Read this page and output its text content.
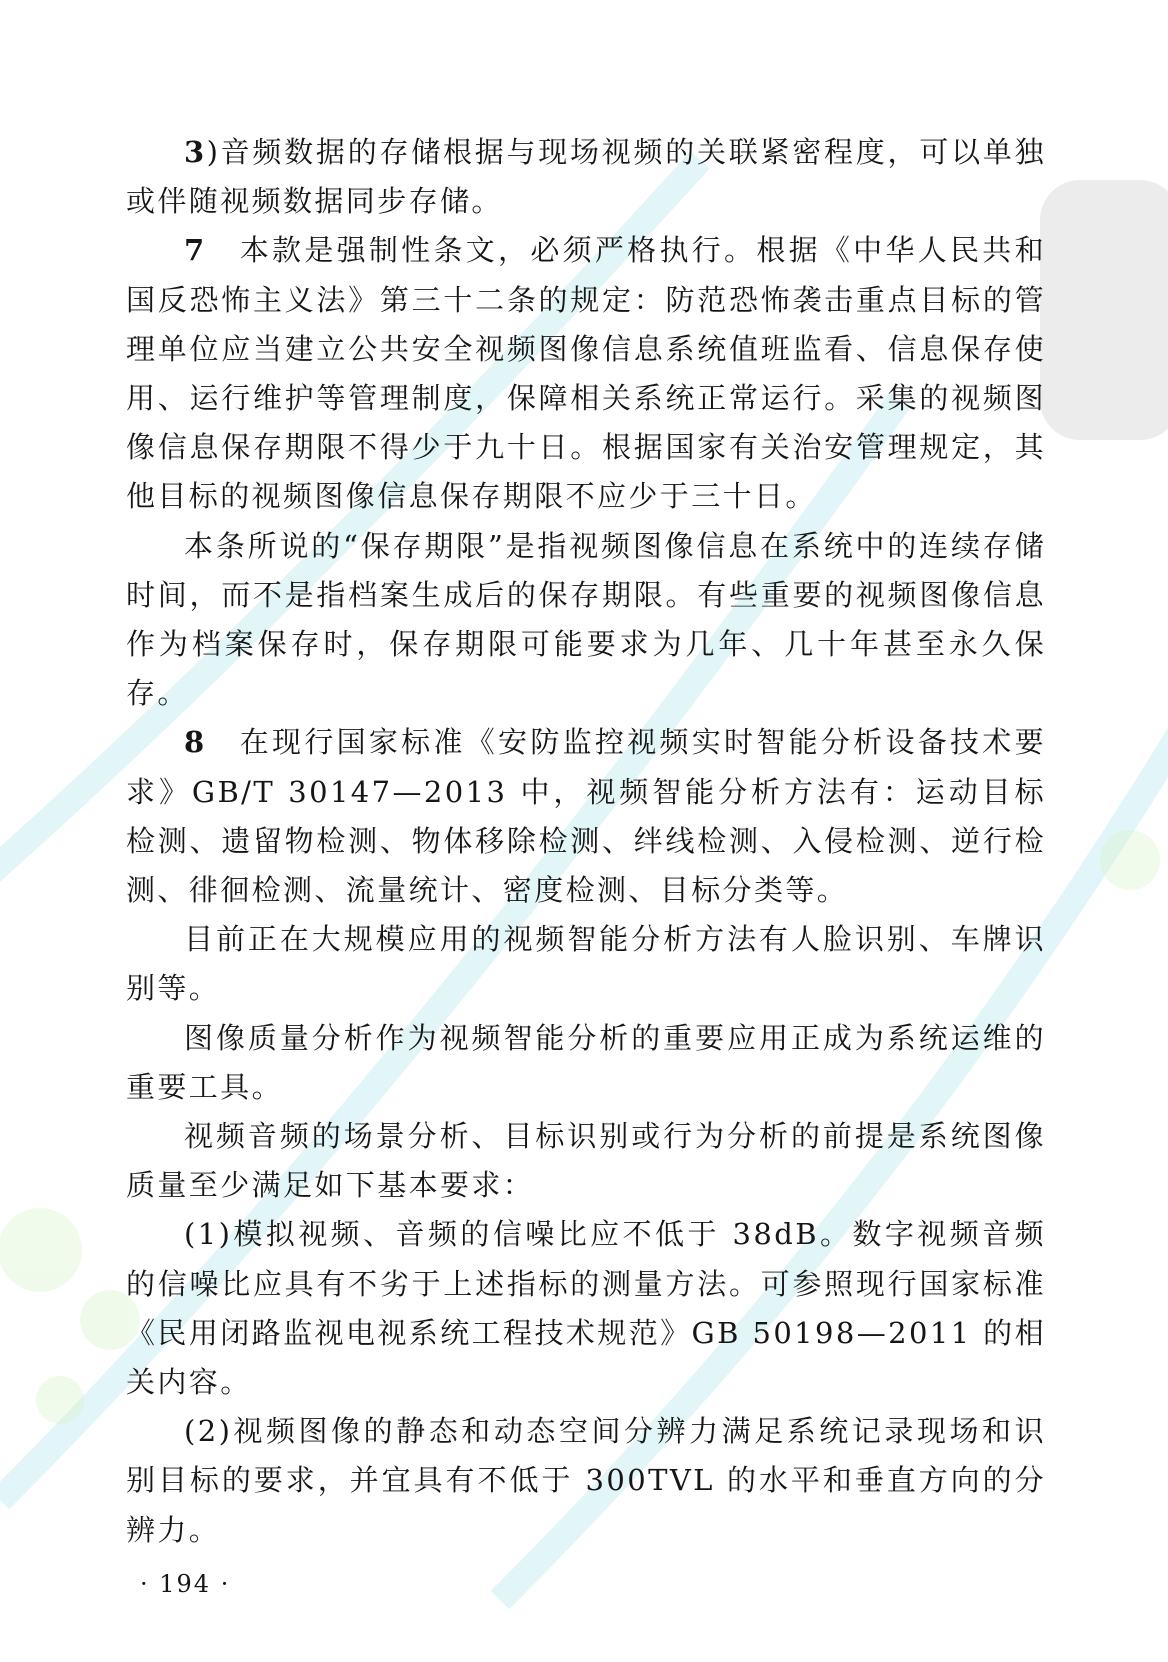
3)音频数据的存储根据与现场视频的关联紧密程度，可以单独或伴随视频数据同步存储。

7　本款是强制性条文，必须严格执行。根据《中华人民共和国反恐怖主义法》第三十二条的规定：防范恐怖袭击重点目标的管理单位应当建立公共安全视频图像信息系统值班监看、信息保存使用、运行维护等管理制度，保障相关系统正常运行。采集的视频图像信息保存期限不得少于九十日。根据国家有关治安管理规定，其他目标的视频图像信息保存期限不应少于三十日。

本条所说的“保存期限”是指视频图像信息在系统中的连续存储时间，而不是指档案生成后的保存期限。有些重要的视频图像信息作为档案保存时，保存期限可能要求为几年、几十年甚至永久保存。

8　在现行国家标准《安防监控视频实时智能分析设备技术要求》GB/T 30147—2013 中，视频智能分析方法有：运动目标检测、遗留物检测、物体移除检测、绊线检测、入侵检测、逆行检测、徘徊检测、流量统计、密度检测、目标分类等。

目前正在大规模应用的视频智能分析方法有人脸识别、车牌识别等。

图像质量分析作为视频智能分析的重要应用正成为系统运维的重要工具。

视频音频的场景分析、目标识别或行为分析的前提是系统图像质量至少满足如下基本要求：

(1)模拟视频、音频的信噪比应不低于 38dB。数字视频音频的信噪比应具有不劣于上述指标的测量方法。可参照现行国家标准《民用闭路监视电视系统工程技术规范》GB 50198—2011 的相关内容。

(2)视频图像的静态和动态空间分辨力满足系统记录现场和识别目标的要求，并宜具有不低于 300TVL 的水平和垂直方向的分辨力。

· 194 ·
